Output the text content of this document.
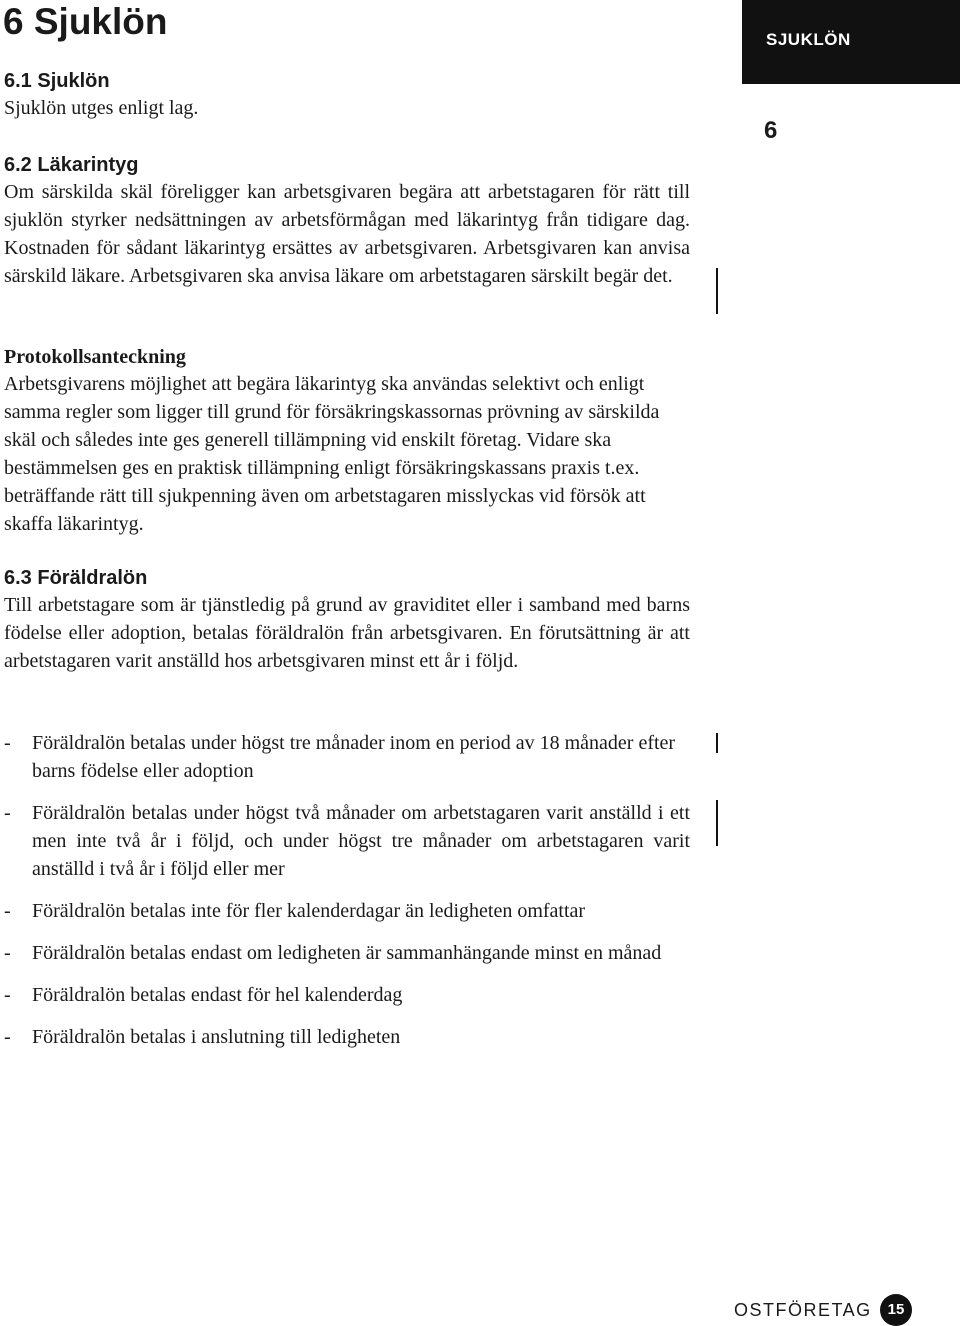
6 Sjuklön
6.1 Sjuklön

Sjuklön utges enligt lag.

6.2 Läkarintyg

Om särskilda skäl föreligger kan arbetsgivaren begära att arbetstagaren för rätt till sjuklön styrker nedsättningen av arbetsförmågan med läkarintyg från tidigare dag. Kostnaden för sådant läkarintyg ersättes av arbetsgivaren. Arbetsgivaren kan anvisa särskild läkare. Arbetsgivaren ska anvisa läkare om arbetstagaren särskilt begär det.

Protokollsanteckning

Arbetsgivarens möjlighet att begära läkarintyg ska användas selektivt och enligt samma regler som ligger till grund för försäkringskassornas prövning av särskilda skäl och således inte ges generell tillämpning vid enskilt företag. Vidare ska bestämmelsen ges en praktisk tillämpning enligt försäkringskassans praxis t.ex. beträffande rätt till sjukpenning även om arbetstagaren misslyckas vid försök att skaffa läkarintyg.

6.3 Föräldralön

Till arbetstagare som är tjänstledig på grund av graviditet eller i samband med barns födelse eller adoption, betalas föräldralön från arbetsgivaren. En förutsättning är att arbetstagaren varit anställd hos arbetsgivaren minst ett år i följd.

- Föräldralön betalas under högst tre månader inom en period av 18 månader efter barns födelse eller adoption
- Föräldralön betalas under högst två månader om arbetstagaren varit anställd i ett men inte två år i följd, och under högst tre månader om arbetstagaren varit anställd i två år i följd eller mer
- Föräldralön betalas inte för fler kalenderdagar än ledigheten omfattar
- Föräldralön betalas endast om ledigheten är sammanhängande minst en månad
- Föräldralön betalas endast för hel kalenderdag
- Föräldralön betalas i anslutning till ledigheten
SJUKLÖN
6
OSTFÖRETAG	15
